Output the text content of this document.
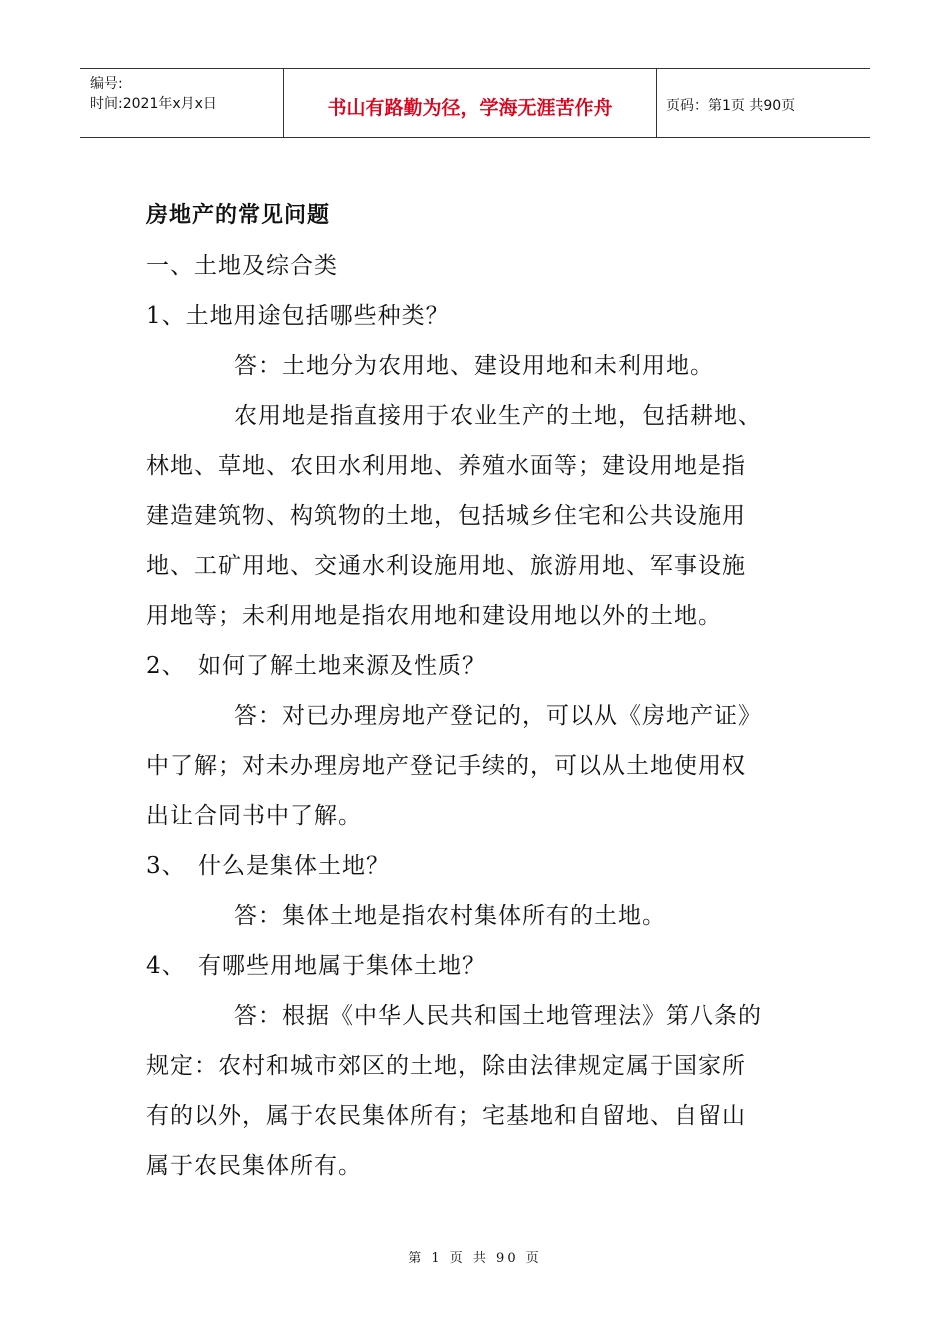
编号:
时间:2021年x月x日	书山有路勤为径，学海无涯苦作舟	页码：第1页 共90页
房地产的常见问题
一、土地及综合类
1、土地用途包括哪些种类？
答：土地分为农用地、建设用地和未利用地。
农用地是指直接用于农业生产的土地，包括耕地、
林地、草地、农田水利用地、养殖水面等；建设用地是指
建造建筑物、构筑物的土地，包括城乡住宅和公共设施用
地、工矿用地、交通水利设施用地、旅游用地、军事设施
用地等；未利用地是指农用地和建设用地以外的土地。
2、 如何了解土地来源及性质？
答：对已办理房地产登记的，可以从《房地产证》
中了解；对未办理房地产登记手续的，可以从土地使用权
出让合同书中了解。
3、 什么是集体土地？
答：集体土地是指农村集体所有的土地。
4、 有哪些用地属于集体土地？
答：根据《中华人民共和国土地管理法》第八条的
规定：农村和城市郊区的土地，除由法律规定属于国家所
有的以外，属于农民集体所有；宅基地和自留地、自留山
属于农民集体所有。
第 1 页 共 90 页
